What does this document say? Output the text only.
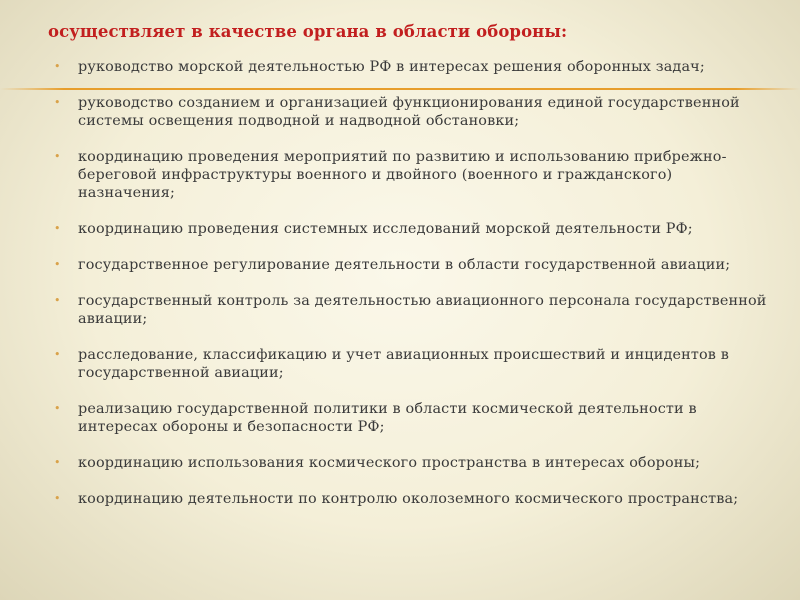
осуществляет в качестве органа в области обороны:
• руководство морской деятельностью РФ в интересах решения оборонных задач;
• руководство созданием и организацией функционирования единой государственной системы освещения подводной и надводной обстановки;
• координацию проведения мероприятий по развитию и использованию прибрежно-береговой инфраструктуры военного и двойного (военного и гражданского) назначения;
• координацию проведения системных исследований морской деятельности РФ;
• государственное регулирование деятельности в области государственной авиации;
• государственный контроль за деятельностью авиационного персонала государственной авиации;
• расследование, классификацию и учет авиационных происшествий и инцидентов в государственной авиации;
• реализацию государственной политики в области космической деятельности в интересах обороны и безопасности РФ;
• координацию использования космического пространства в интересах обороны;
• координацию деятельности по контролю околоземного космического пространства;
